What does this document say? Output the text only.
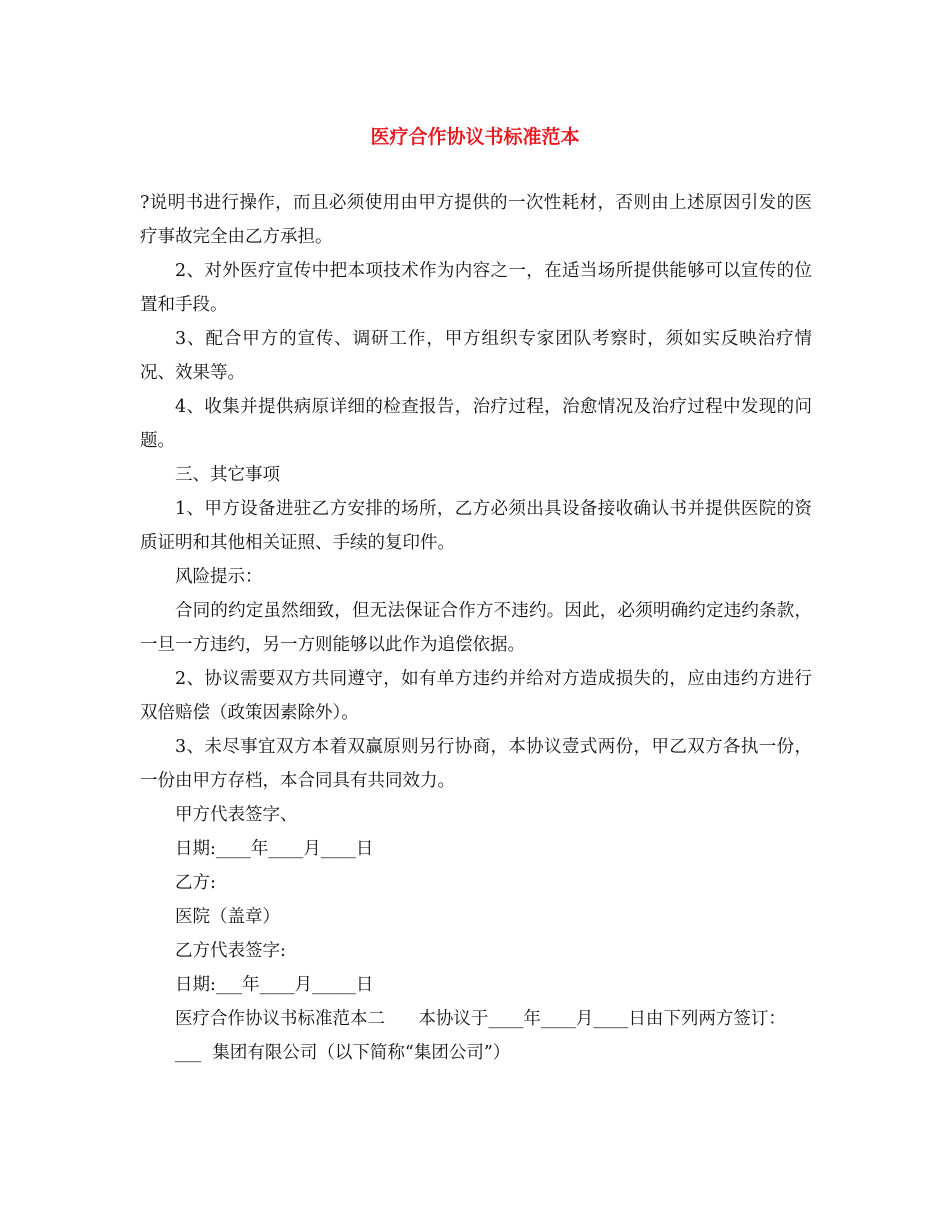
医疗合作协议书标准范本

?说明书进行操作，而且必须使用由甲方提供的一次性耗材，否则由上述原因引发的医疗事故完全由乙方承担。

2、对外医疗宣传中把本项技术作为内容之一，在适当场所提供能够可以宣传的位置和手段。

3、配合甲方的宣传、调研工作，甲方组织专家团队考察时，须如实反映治疗情况、效果等。

4、收集并提供病原详细的检查报告，治疗过程，治愈情况及治疗过程中发现的问题。

三、其它事项

1、甲方设备进驻乙方安排的场所，乙方必须出具设备接收确认书并提供医院的资质证明和其他相关证照、手续的复印件。

风险提示：

合同的约定虽然细致，但无法保证合作方不违约。因此，必须明确约定违约条款，一旦一方违约，另一方则能够以此作为追偿依据。

2、协议需要双方共同遵守，如有单方违约并给对方造成损失的，应由违约方进行双倍赔偿（政策因素除外）。

3、未尽事宜双方本着双赢原则另行协商，本协议壹式两份，甲乙双方各执一份，一份由甲方存档，本合同具有共同效力。

甲方代表签字、

日期:____年____月____日

乙方:

医院（盖章）

乙方代表签字:

日期:___年____月_____日

医疗合作协议书标准范本二      本协议于____年____月____日由下列两方签订：

___  集团有限公司（以下简称“集团公司”）
